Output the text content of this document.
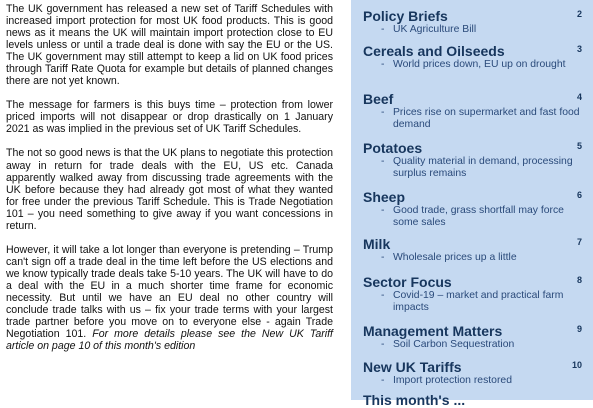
The UK government has released a new set of Tariff Schedules with increased import protection for most UK food products. This is good news as it means the UK will maintain import protection close to EU levels unless or until a trade deal is done with say the EU or the US. The UK government may still attempt to keep a lid on UK food prices through Tariff Rate Quota for example but details of planned changes there are not yet known.

The message for farmers is this buys time – protection from lower priced imports will not disappear or drop drastically on 1 January 2021 as was implied in the previous set of UK Tariff Schedules.

The not so good news is that the UK plans to negotiate this protection away in return for trade deals with the EU, US etc. Canada apparently walked away from discussing trade agreements with the UK before because they had already got most of what they wanted for free under the previous Tariff Schedule. This is Trade Negotiation 101 – you need something to give away if you want concessions in return.

However, it will take a lot longer than everyone is pretending – Trump can't sign off a trade deal in the time left before the US elections and we know typically trade deals take 5-10 years. The UK will have to do a deal with the EU in a much shorter time frame for economic necessity. But until we have an EU deal no other country will conclude trade talks with us – fix your trade terms with your largest trade partner before you move on to everyone else - again Trade Negotiation 101. For more details please see the New UK Tariff article on page 10 of this month's edition

Policy Briefs	2
- UK Agriculture Bill
Cereals and Oilseeds	3
- World prices down, EU up on drought
Beef	4
- Prices rise on supermarket and fast food demand
Potatoes	5
- Quality material in demand, processing surplus remains
Sheep	6
- Good trade, grass shortfall may force some sales
Milk	7
- Wholesale prices up a little
Sector Focus	8
- Covid-19 – market and practical farm impacts
Management Matters	9
- Soil Carbon Sequestration
New UK Tariffs	10
- Import protection restored
This month's ...
